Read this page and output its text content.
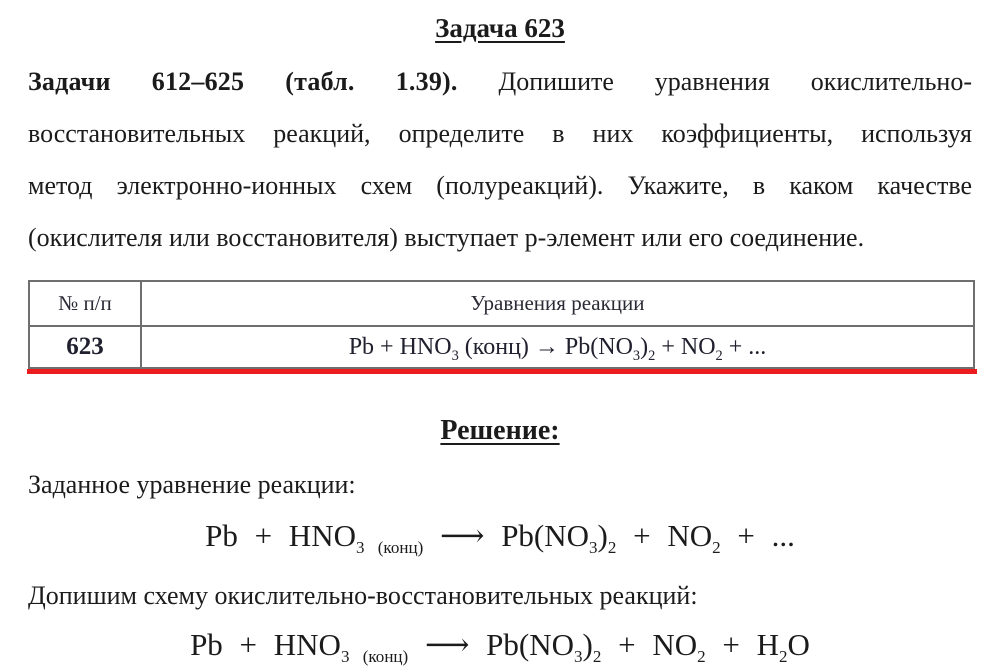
Задача 623
Задачи 612–625 (табл. 1.39). Допишите уравнения окислительно-
восстановительных реакций, определите в них коэффициенты, используя
метод электронно-ионных схем (полуреакций). Укажите, в каком качестве
(окислителя или восстановителя) выступает p-элемент или его соединение.
№ п/п	Уравнения реакции
623	$Pb + HNO_3$ (конц) → $Pb(NO_3)_2 + NO_2$ + ...
Решение:
Заданное уравнение реакции:
$Pb + HNO_{3 (конц)}$ ⟶ $Pb(NO_3)_2 + NO_2$ + ...
Допишим схему окислительно-восстановительных реакций:
$Pb + HNO_{3 (конц)}$ ⟶ $Pb(NO_3)_2 + NO_2 + H_2O$
